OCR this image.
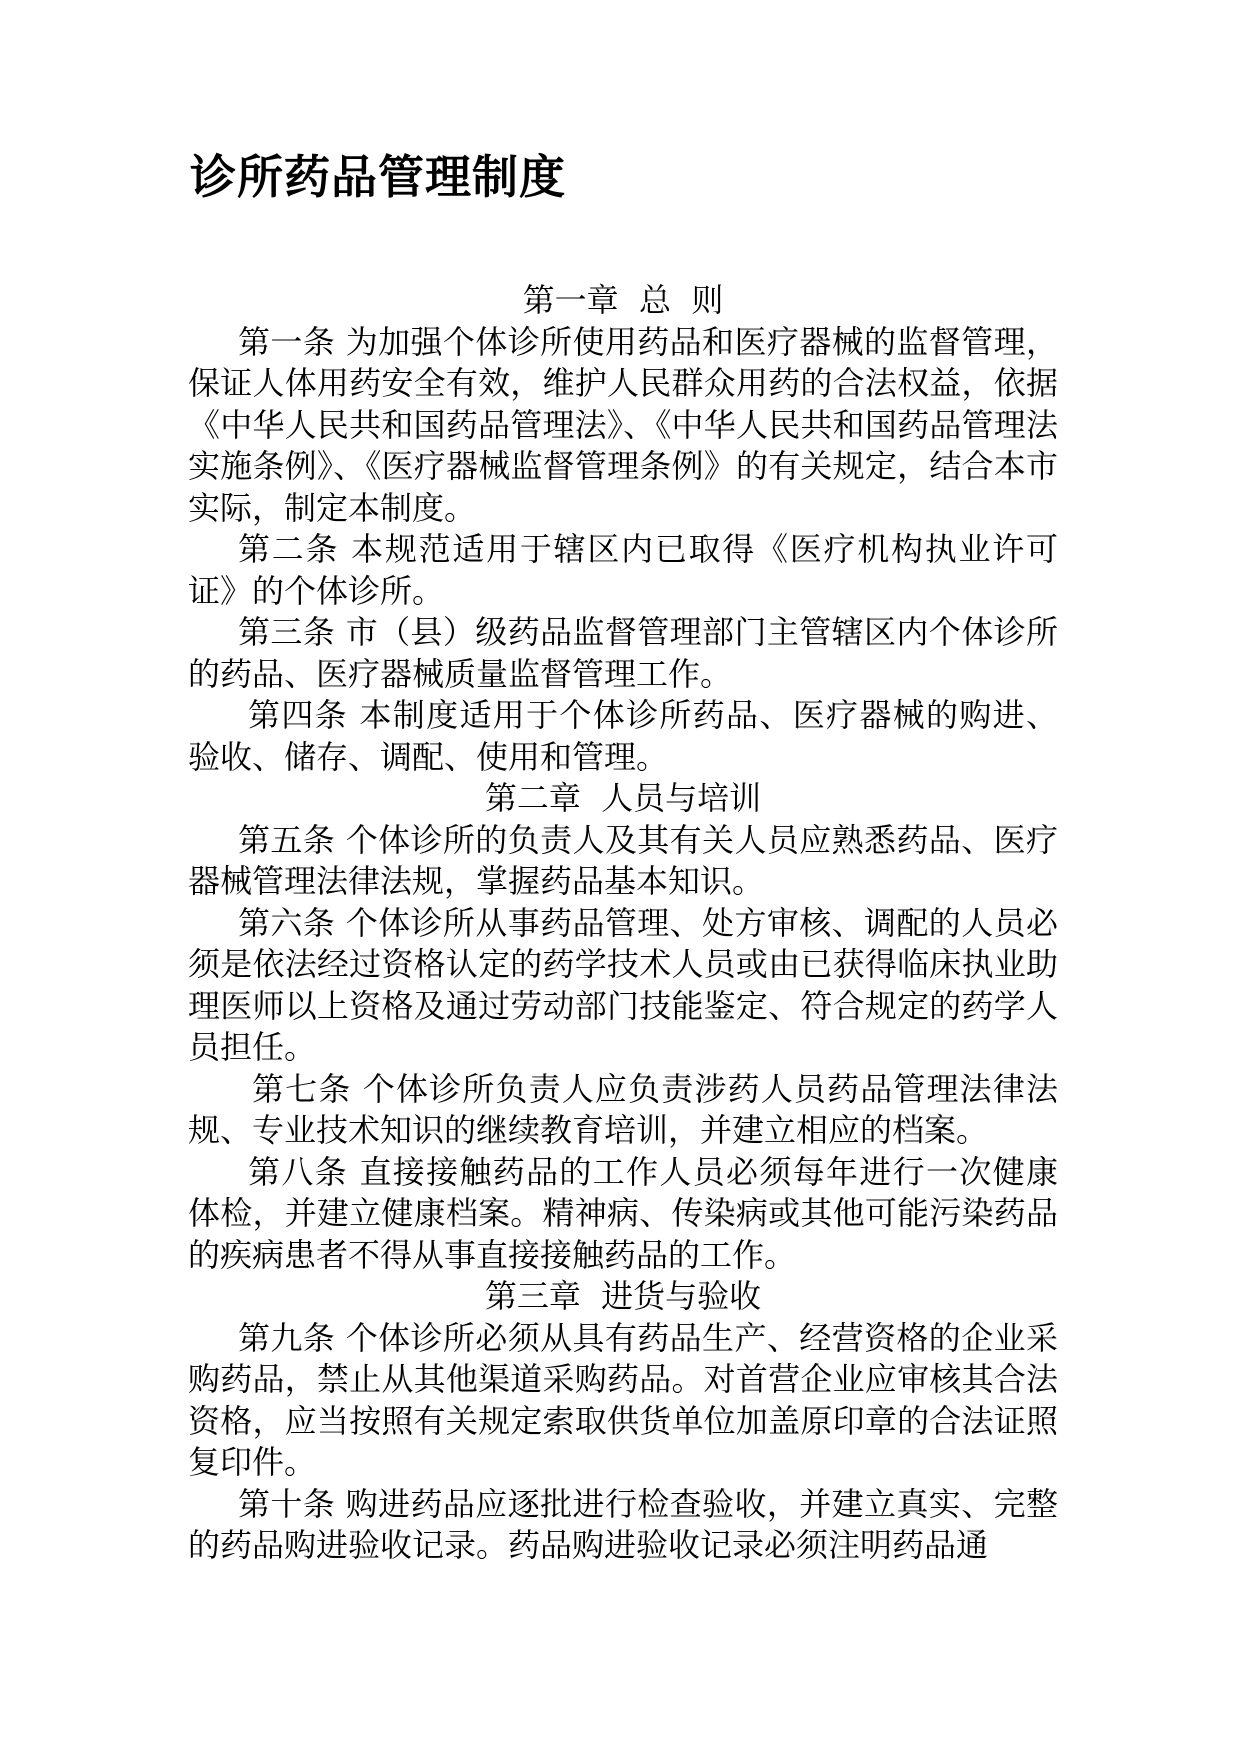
诊所药品管理制度

第一章  总  则

第一条 为加强个体诊所使用药品和医疗器械的监督管理，保证人体用药安全有效，维护人民群众用药的合法权益，依据《中华人民共和国药品管理法》、《中华人民共和国药品管理法实施条例》、《医疗器械监督管理条例》的有关规定，结合本市实际，制定本制度。

第二条 本规范适用于辖区内已取得《医疗机构执业许可证》的个体诊所。

第三条 市（县）级药品监督管理部门主管辖区内个体诊所的药品、医疗器械质量监督管理工作。

第四条 本制度适用于个体诊所药品、医疗器械的购进、验收、储存、调配、使用和管理。

第二章  人员与培训

第五条 个体诊所的负责人及其有关人员应熟悉药品、医疗器械管理法律法规，掌握药品基本知识。

第六条 个体诊所从事药品管理、处方审核、调配的人员必须是依法经过资格认定的药学技术人员或由已获得临床执业助理医师以上资格及通过劳动部门技能鉴定、符合规定的药学人员担任。

第七条 个体诊所负责人应负责涉药人员药品管理法律法规、专业技术知识的继续教育培训，并建立相应的档案。

第八条 直接接触药品的工作人员必须每年进行一次健康体检，并建立健康档案。精神病、传染病或其他可能污染药品的疾病患者不得从事直接接触药品的工作。

第三章  进货与验收

第九条 个体诊所必须从具有药品生产、经营资格的企业采购药品，禁止从其他渠道采购药品。对首营企业应审核其合法资格，应当按照有关规定索取供货单位加盖原印章的合法证照复印件。

第十条 购进药品应逐批进行检查验收，并建立真实、完整的药品购进验收记录。药品购进验收记录必须注明药品通
